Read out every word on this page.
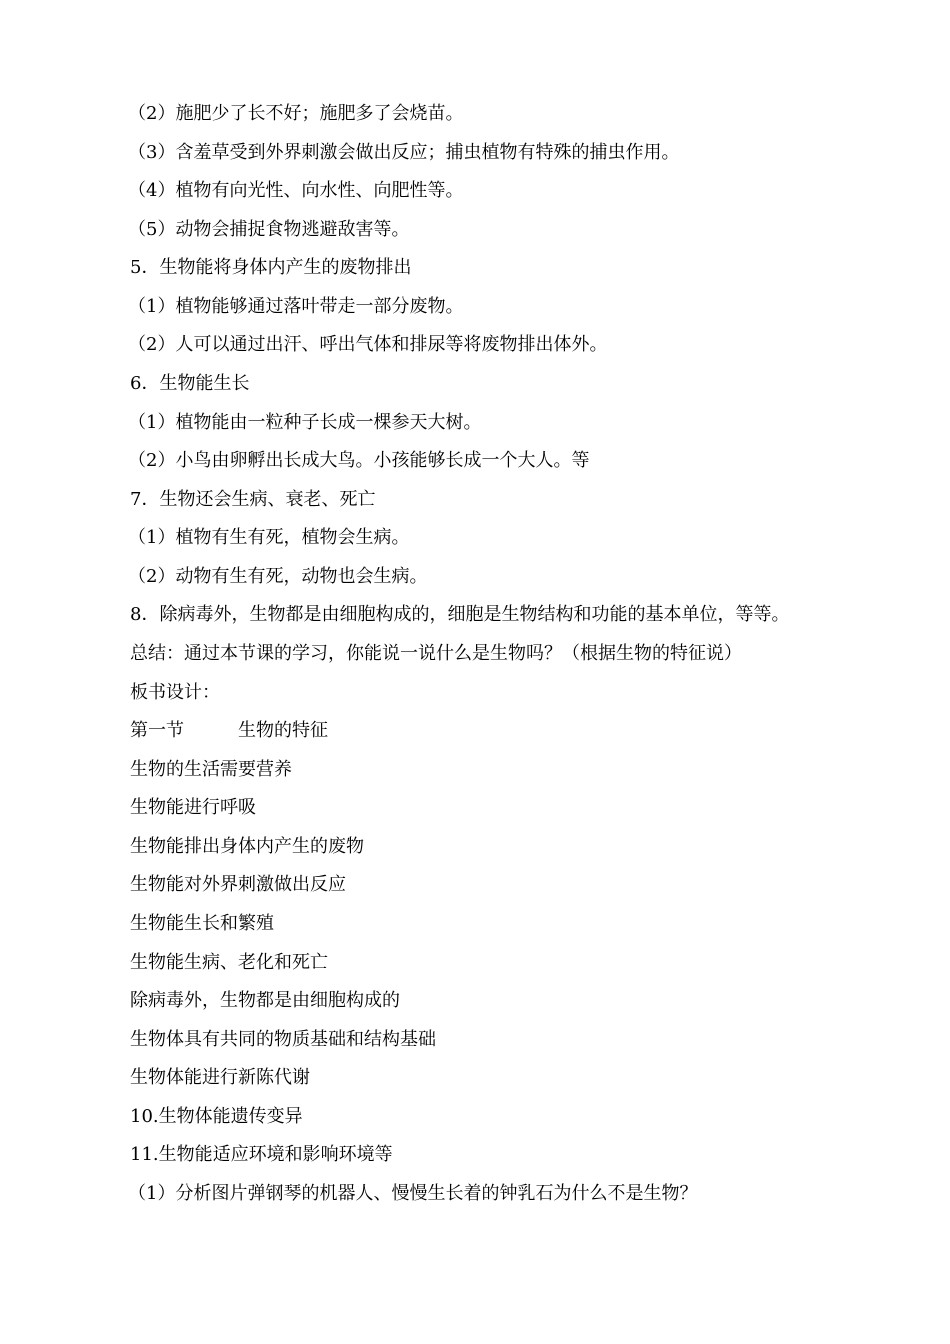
（2）施肥少了长不好；施肥多了会烧苗。
（3）含羞草受到外界刺激会做出反应；捕虫植物有特殊的捕虫作用。
（4）植物有向光性、向水性、向肥性等。
（5）动物会捕捉食物逃避敌害等。
5．生物能将身体内产生的废物排出
（1）植物能够通过落叶带走一部分废物。
（2）人可以通过出汗、呼出气体和排尿等将废物排出体外。
6．生物能生长
（1）植物能由一粒种子长成一棵参天大树。
（2）小鸟由卵孵出长成大鸟。小孩能够长成一个大人。等
7．生物还会生病、衰老、死亡
（1）植物有生有死，植物会生病。
（2）动物有生有死，动物也会生病。
8．除病毒外，生物都是由细胞构成的，细胞是生物结构和功能的基本单位，等等。
总结：通过本节课的学习，你能说一说什么是生物吗？（根据生物的特征说）
板书设计：
第一节　　　生物的特征
生物的生活需要营养
生物能进行呼吸
生物能排出身体内产生的废物
生物能对外界刺激做出反应
生物能生长和繁殖
生物能生病、老化和死亡
除病毒外，生物都是由细胞构成的
生物体具有共同的物质基础和结构基础
生物体能进行新陈代谢
10.生物体能遗传变异
11.生物能适应环境和影响环境等
（1）分析图片弹钢琴的机器人、慢慢生长着的钟乳石为什么不是生物？
